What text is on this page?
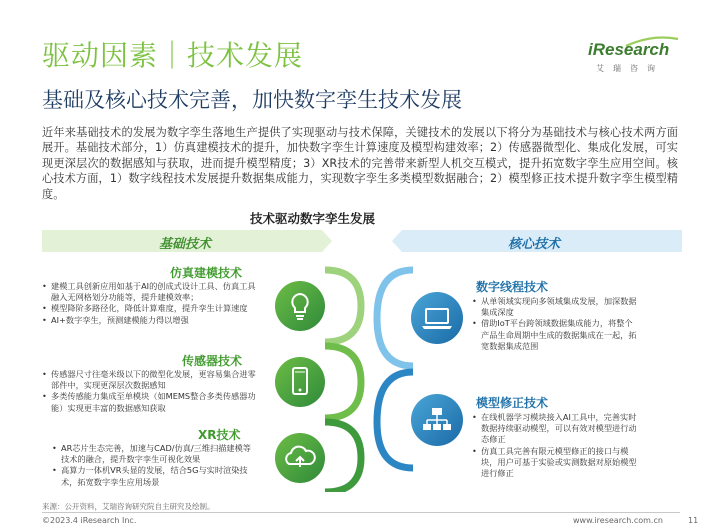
驱动因素｜技术发展
基础及核心技术完善，加快数字孪生技术发展
iResearch
艾瑞咨询
近年来基础技术的发展为数字孪生落地生产提供了实现驱动与技术保障，关键技术的发展以下将分为基础技术与核心技术两方面展开。基础技术部分，1）仿真建模技术的提升，加快数字孪生计算速度及模型构建效率；2）传感器微型化、集成化发展，可实现更深层次的数据感知与获取，进而提升模型精度；3）XR技术的完善带来新型人机交互模式，提升拓宽数字孪生应用空间。核心技术方面，1）数字线程技术发展提升数据集成能力，实现数字孪生多类模型数据融合；2）模型修正技术提升数字孪生模型精度。
技术驱动数字孪生发展
基础技术	核心技术
仿真建模技术
• 建模工具创新应用如基于AI的创成式设计工具、仿真工具融入无网格划分功能等，提升建模效率；
• 模型降阶多路径化，降低计算难度，提升孪生计算速度
• AI+数字孪生，预测建模能力得以增强
传感器技术
• 传感器尺寸往毫米级以下的微型化发展，更容易集合进零部件中，实现更深层次数据感知
• 多类传感能力集成至单模块（如MEMS整合多类传感器功能）实现更丰富的数据感知获取
XR技术
• AR芯片生态完善，加速与CAD/仿真/三维扫描建模等技术的融合，提升数字孪生可视化效果
• 高算力一体机VR头显的发展，结合5G与实时渲染技术，拓宽数字孪生应用场景
数字线程技术
• 从单领域实现向多领域集成发展，加深数据集成深度
• 借助IoT平台跨领域数据集成能力，将整个产品生命周期中生成的数据集成在一起，拓宽数据集成范围
模型修正技术
• 在线机器学习模块接入AI工具中，完善实时数据持续驱动模型，可以有效对模型进行动态修正
• 仿真工具完善有限元模型修正的接口与模块，用户可基于实验或实测数据对原始模型进行修正
来源：公开资料，艾瑞咨询研究院自主研究及绘制。
©2023.4 iResearch Inc.	www.iresearch.com.cn	11
